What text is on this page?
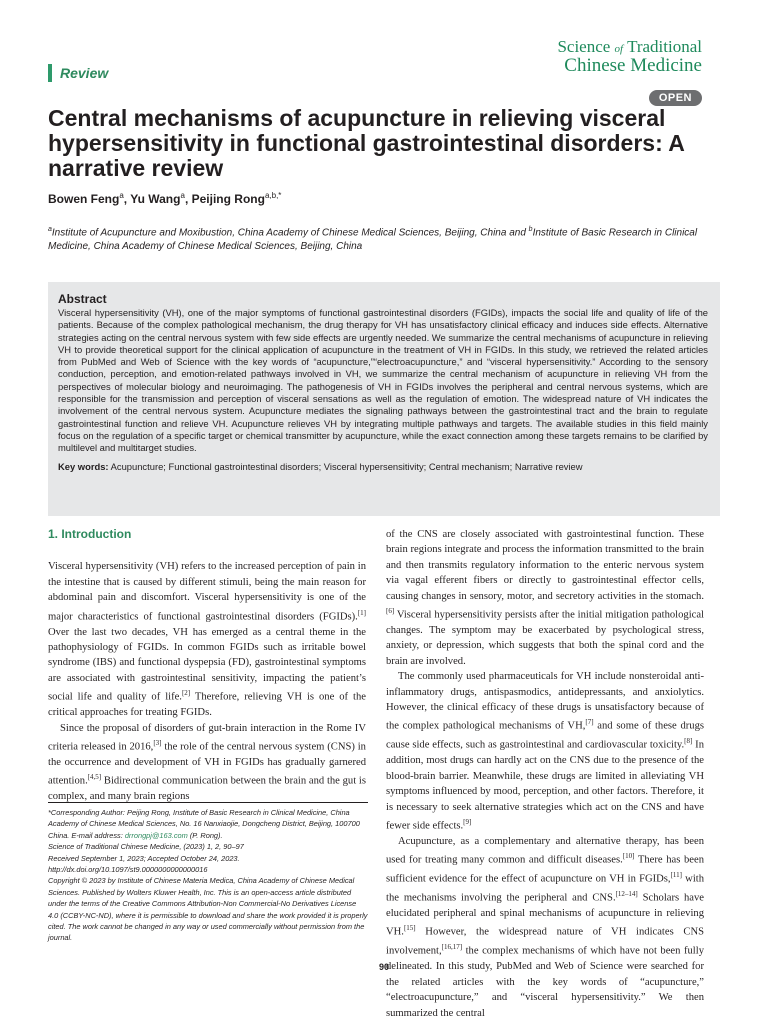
Review
Science of Traditional
Chinese Medicine
OPEN
Central mechanisms of acupuncture in relieving visceral hypersensitivity in functional gastrointestinal disorders: A narrative review
Bowen Feng$^a$, Yu Wang$^a$, Peijing Rong$^{a,b,*}$
$^a$Institute of Acupuncture and Moxibustion, China Academy of Chinese Medical Sciences, Beijing, China and $^b$Institute of Basic Research in Clinical Medicine, China Academy of Chinese Medical Sciences, Beijing, China

Abstract

Visceral hypersensitivity (VH), one of the major symptoms of functional gastrointestinal disorders (FGIDs), impacts the social life and quality of life of the patients. Because of the complex pathological mechanism, the drug therapy for VH has unsatisfactory clinical efficacy and induces side effects. Alternative strategies acting on the central nervous system with few side effects are urgently needed. We summarize the central mechanisms of acupuncture in relieving VH to provide theoretical support for the clinical application of acupuncture in the treatment of VH in FGIDs. In this study, we retrieved the related articles from PubMed and Web of Science with the key words of “acupuncture,”“electroacupuncture,” and “visceral hypersensitivity.” According to the sensory conduction, perception, and emotion-related pathways involved in VH, we summarize the central mechanism of acupuncture in relieving VH from the perspectives of molecular biology and neuroimaging. The pathogenesis of VH in FGIDs involves the peripheral and central nervous systems, which are responsible for the transmission and perception of visceral sensations as well as the regulation of emotion. The widespread nature of VH indicates the involvement of the central nervous system. Acupuncture mediates the signaling pathways between the gastrointestinal tract and the brain to regulate gastrointestinal function and relieve VH. Acupuncture relieves VH by integrating multiple pathways and targets. The available studies in this field mainly focus on the regulation of a specific target or chemical transmitter by acupuncture, while the exact connection among these targets remains to be clarified by multilevel and multitarget studies.

Key words: Acupuncture; Functional gastrointestinal disorders; Visceral hypersensitivity; Central mechanism; Narrative review
1. Introduction

Visceral hypersensitivity (VH) refers to the increased perception of pain in the intestine that is caused by different stimuli, being the main reason for abdominal pain and discomfort. Visceral hypersensitivity is one of the major characteristics of functional gastrointestinal disorders (FGIDs).[1] Over the last two decades, VH has emerged as a central theme in the pathophysiology of FGIDs. In common FGIDs such as irritable bowel syndrome (IBS) and functional dyspepsia (FD), gastrointestinal symptoms are associated with gastrointestinal sensitivity, impacting the patient’s social life and quality of life.[2] Therefore, relieving VH is one of the critical approaches for treating FGIDs.

Since the proposal of disorders of gut-brain interaction in the Rome IV criteria released in 2016,[3] the role of the central nervous system (CNS) in the occurrence and development of VH in FGIDs has gradually garnered attention.[4,5] Bidirectional communication between the brain and the gut is complex, and many brain regions

of the CNS are closely associated with gastrointestinal function. These brain regions integrate and process the information transmitted to the brain and then transmits regulatory information to the enteric nervous system via vagal efferent fibers or directly to gastrointestinal effector cells, causing changes in sensory, motor, and secretory activities in the stomach.[6] Visceral hypersensitivity persists after the initial mitigation pathological changes. The symptom may be exacerbated by psychological stress, anxiety, or depression, which suggests that both the spinal cord and the brain are involved.

The commonly used pharmaceuticals for VH include nonsteroidal anti-inflammatory drugs, antispasmodics, antidepressants, and anxiolytics. However, the clinical efficacy of these drugs is unsatisfactory because of the complex pathological mechanisms of VH,[7] and some of these drugs cause side effects, such as gastrointestinal and cardiovascular toxicity.[8] In addition, most drugs can hardly act on the CNS due to the presence of the blood-brain barrier. Meanwhile, these drugs are limited in alleviating VH symptoms influenced by mood, perception, and other factors. Therefore, it is necessary to seek alternative strategies which act on the CNS and have fewer side effects.[9]

Acupuncture, as a complementary and alternative therapy, has been used for treating many common and difficult diseases.[10] There has been sufficient evidence for the effect of acupuncture on VH in FGIDs,[11] with the mechanisms involving the peripheral and CNS.[12–14] Scholars have elucidated peripheral and spinal mechanisms of acupuncture in relieving VH.[15] However, the widespread nature of VH indicates CNS involvement,[16,17] the complex mechanisms of which have not been fully delineated. In this study, PubMed and Web of Science were searched for the related articles with the key words of “acupuncture,” “electroacupuncture,” and “visceral hypersensitivity.” We then summarized the central

*Corresponding Author: Peijing Rong, Institute of Basic Research in Clinical Medicine, China Academy of Chinese Medical Sciences, No. 16 Nanxiaojie, Dongcheng District, Beijing, 100700 China. E-mail address: drrongpj@163.com (P. Rong).

Science of Traditional Chinese Medicine, (2023) 1, 2, 90–97

Received September 1, 2023; Accepted October 24, 2023.

http://dx.doi.org/10.1097/st9.0000000000000016

Copyright © 2023 by Institute of Chinese Materia Medica, China Academy of Chinese Medical Sciences. Published by Wolters Kluwer Health, Inc. This is an open-access article distributed under the terms of the Creative Commons Attribution-Non Commercial-No Derivatives License 4.0 (CCBY-NC-ND), where it is permissible to download and share the work provided it is properly cited. The work cannot be changed in any way or used commercially without permission from the journal.

90
